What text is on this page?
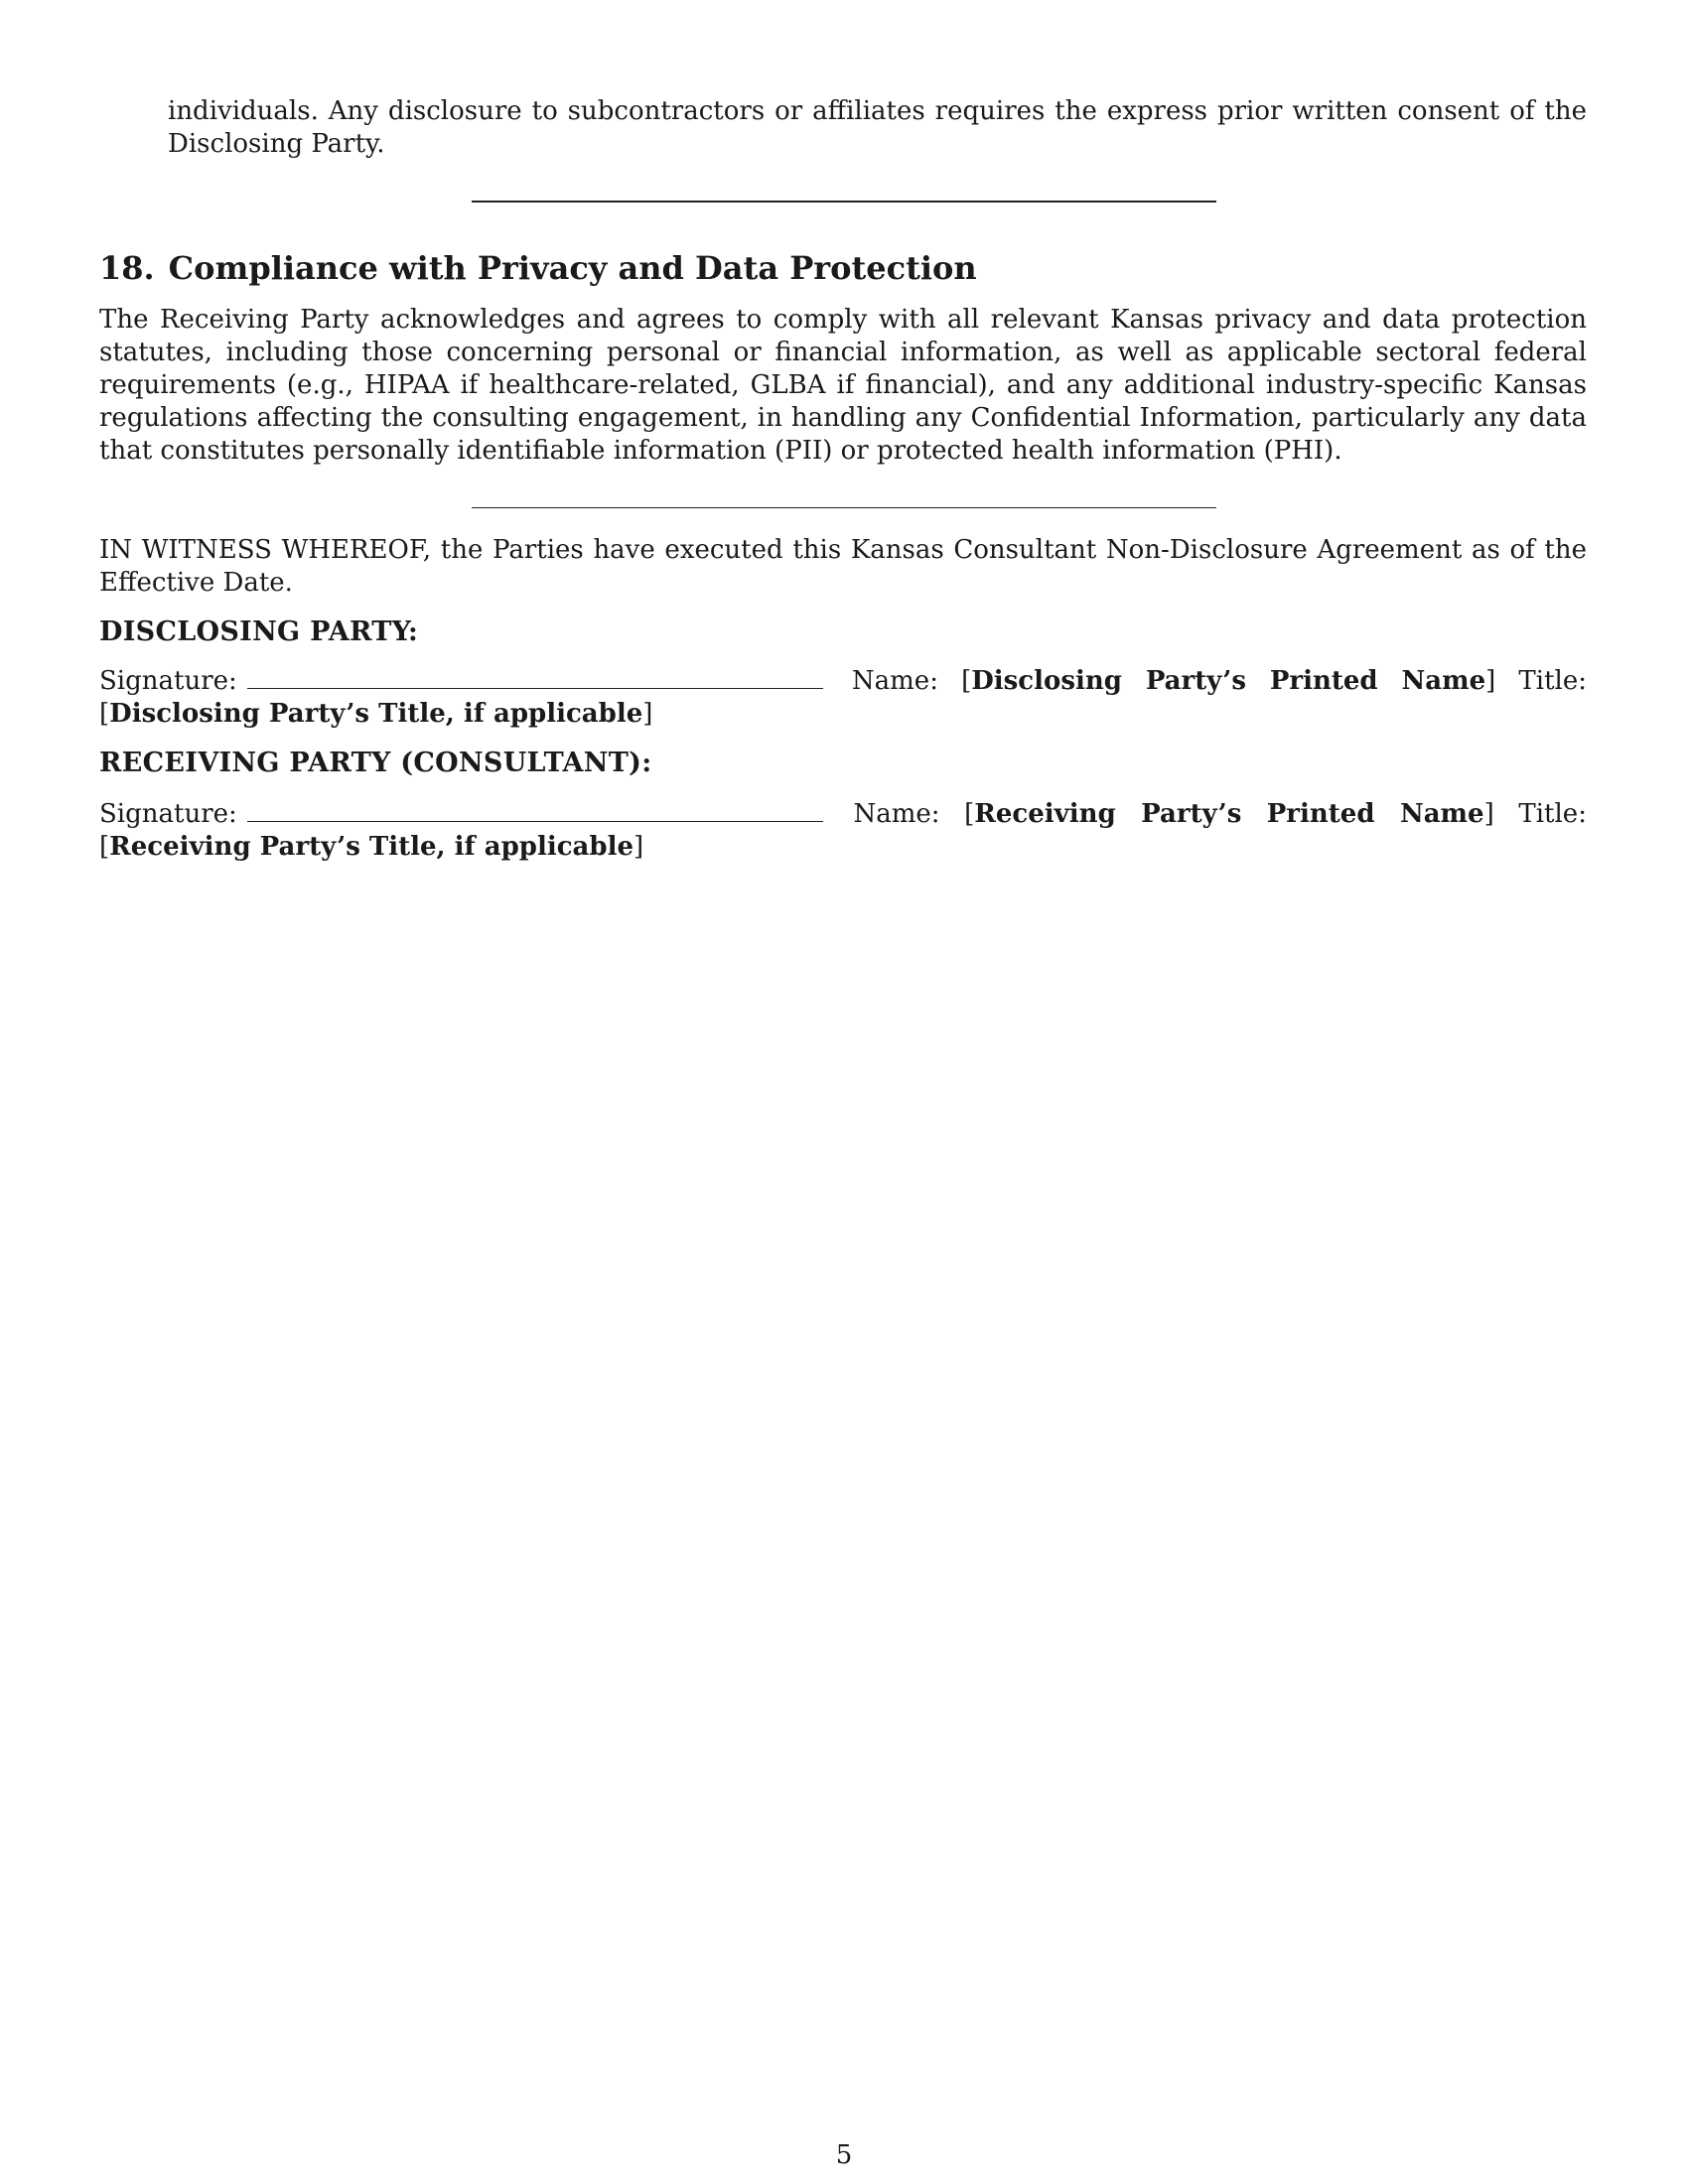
individuals. Any disclosure to subcontractors or affiliates requires the express prior written consent of the Disclosing Party.

18. Compliance with Privacy and Data Protection

The Receiving Party acknowledges and agrees to comply with all relevant Kansas privacy and data protection statutes, including those concerning personal or financial information, as well as applicable sectoral federal requirements (e.g., HIPAA if healthcare-related, GLBA if financial), and any additional industry-specific Kansas regulations affecting the consulting engagement, in handling any Confidential Information, particularly any data that constitutes personally identifiable information (PII) or protected health information (PHI).

IN WITNESS WHEREOF, the Parties have executed this Kansas Consultant Non-Disclosure Agreement as of the Effective Date.

DISCLOSING PARTY:

Signature:	Name: [Disclosing Party’s Printed Name] Title: [Disclosing Party’s Title, if applicable]

RECEIVING PARTY (CONSULTANT):

Signature:	Name: [Receiving Party’s Printed Name] Title: [Receiving Party’s Title, if applicable]

5
